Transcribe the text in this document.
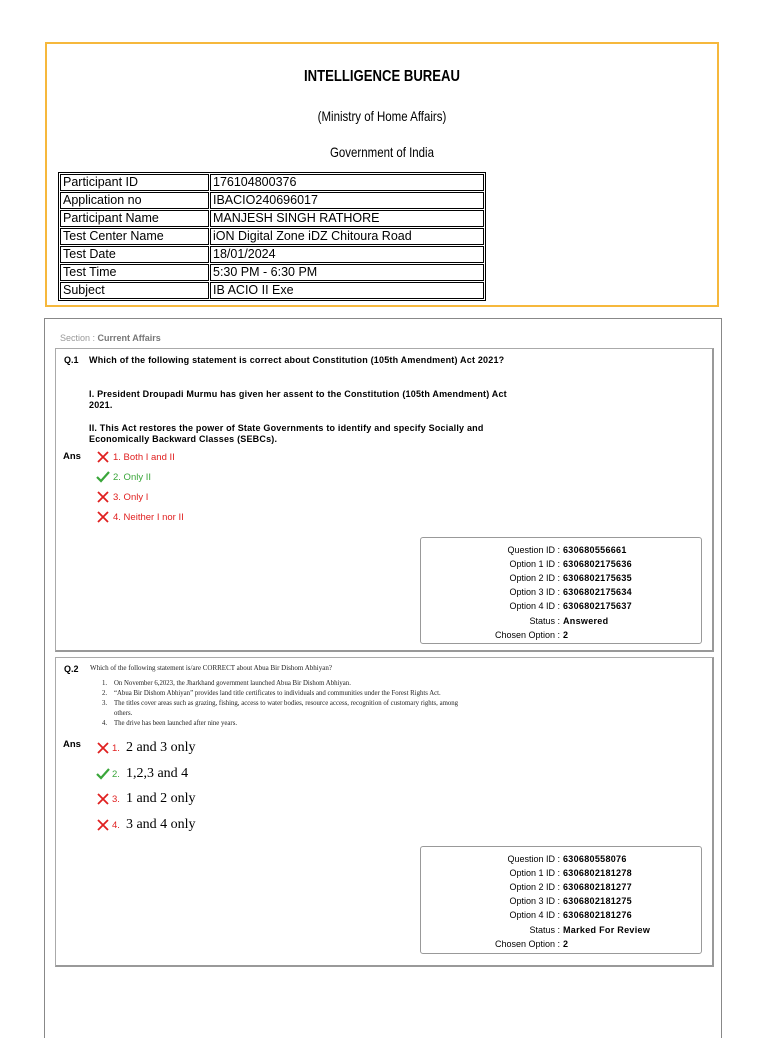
INTELLIGENCE BUREAU
(Ministry of Home Affairs)
Government of India
Participant ID	176104800376
Application no	IBACIO240696017
Participant Name	MANJESH SINGH RATHORE
Test Center Name	iON Digital Zone iDZ Chitoura Road
Test Date	18/01/2024
Test Time	5:30 PM - 6:30 PM
Subject	IB ACIO II Exe
Section : Current Affairs
Q.1 Which of the following statement is correct about Constitution (105th Amendment) Act 2021?
I. President Droupadi Murmu has given her assent to the Constitution (105th Amendment) Act 2021.
II. This Act restores the power of State Governments to identify and specify Socially and Economically Backward Classes (SEBCs).
Ans	1. Both I and II
2. Only II
3. Only I
4. Neither I nor II
Question ID : 630680556661
Option 1 ID : 6306802175636
Option 2 ID : 6306802175635
Option 3 ID : 6306802175634
Option 4 ID : 6306802175637
Status : Answered
Chosen Option : 2
Q.2 Which of the following statement is/are CORRECT about Abua Bir Dishom Abhiyan?
1. On November 6,2023, the Jharkhand government launched Abua Bir Dishom Abhiyan.
2. “Abua Bir Dishom Abhiyan” provides land title certificates to individuals and communities under the Forest Rights Act.
3. The titles cover areas such as grazing, fishing, access to water bodies, resource access, recognition of customary rights, among
others.
4. The drive has been launched after nine years.
Ans	1. 2 and 3 only
2. 1,2,3 and 4
3. 1 and 2 only
4. 3 and 4 only
Question ID : 630680558076
Option 1 ID : 6306802181278
Option 2 ID : 6306802181277
Option 3 ID : 6306802181275
Option 4 ID : 6306802181276
Status : Marked For Review
Chosen Option : 2
